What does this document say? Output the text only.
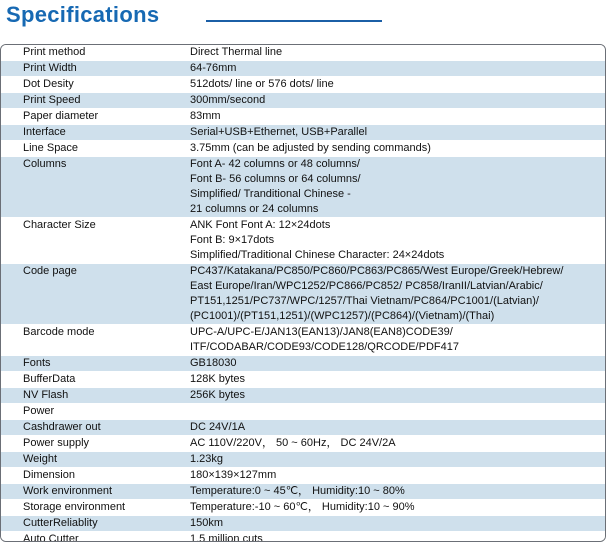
Specifications
Print method	Direct Thermal line

Print Width	64-76mm

Dot Desity	512dots/ line or 576 dots/ line

Print Speed	300mm/second

Paper diameter	83mm

Interface	Serial+USB+Ethernet, USB+Parallel

Line Space	3.75mm (can be adjusted by sending commands)

Columns	Font A- 42 columns or 48 columns/
Font B- 56 columns or 64 columns/
Simplified/ Tranditional Chinese -
21 columns or 24 columns

Character Size	ANK Font Font A: 12×24dots
Font B: 9×17dots
Simplified/Traditional Chinese Character: 24×24dots

Code page	PC437/Katakana/PC850/PC860/PC863/PC865/West Europe/Greek/Hebrew/
East Europe/Iran/WPC1252/PC866/PC852/ PC858/IranII/Latvian/Arabic/
PT151,1251/PC737/WPC/1257/Thai Vietnam/PC864/PC1001/(Latvian)/
(PC1001)/(PT151,1251)/(WPC1257)/(PC864)/(Vietnam)/(Thai)

Barcode mode	UPC-A/UPC-E/JAN13(EAN13)/JAN8(EAN8)CODE39/
ITF/CODABAR/CODE93/CODE128/QRCODE/PDF417

Fonts	GB18030

BufferData	128K bytes

NV Flash	256K bytes

Power	

Cashdrawer out	DC 24V/1A

Power supply	AC 110V/220V， 50 ~ 60Hz， DC 24V/2A

Weight	1.23kg

Dimension	180×139×127mm

Work environment	Temperature:0 ~ 45℃， Humidity:10 ~ 80%

Storage environment	Temperature:-10 ~ 60℃， Humidity:10 ~ 90%

CutterReliablity	150km

Auto Cutter	1.5 million cuts
